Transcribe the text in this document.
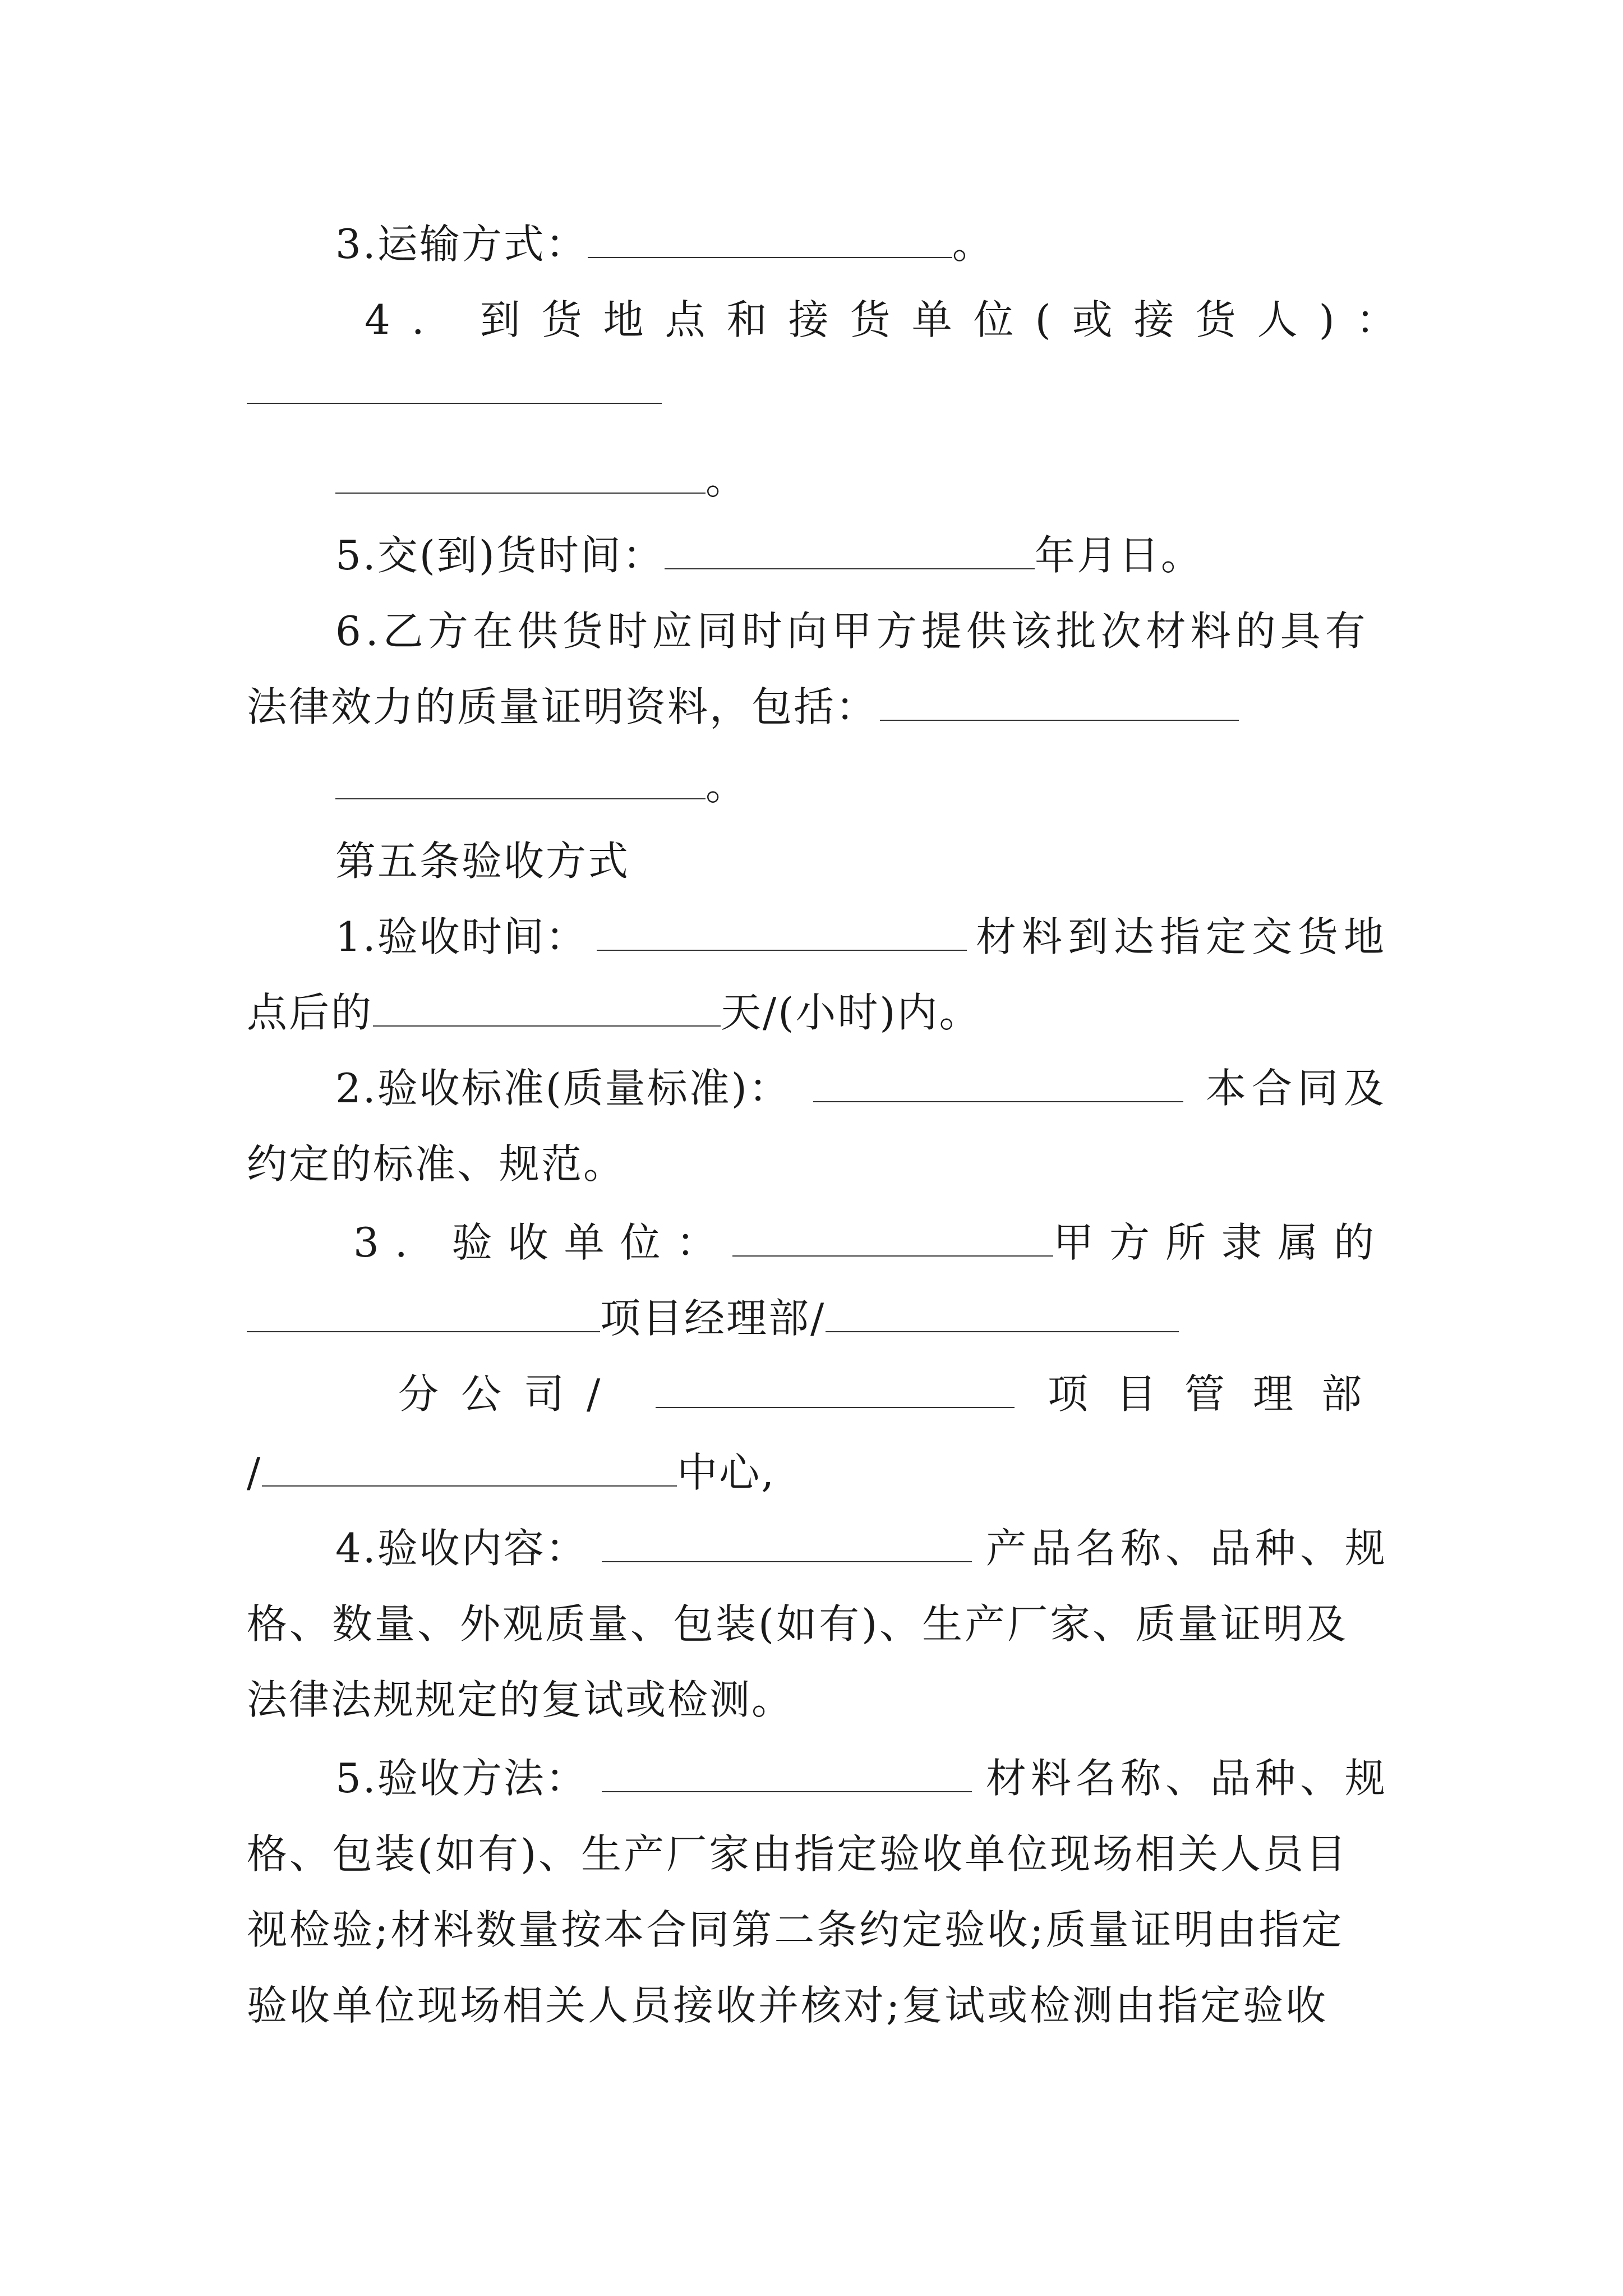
3.运输方式：	。
4. 到货地点和接货单位(或接货人)：
。
5.交(到)货时间：	年月日。
6.乙方在供货时应同时向甲方提供该批次材料的具有
法律效力的质量证明资料，包括：
。
第五条验收方式
1.验收时间：	材料到达指定交货地
点后的	天/(小时)内。
2.验收标准(质量标准)：	本合同及
约定的标准、规范。
3. 验收单位：	甲方所隶属的
项目经理部/
分公司/	项目管理部
/	中心,
4.验收内容：	产品名称、品种、规
格、数量、外观质量、包装(如有)、生产厂家、质量证明及
法律法规规定的复试或检测。
5.验收方法：	材料名称、品种、规
格、包装(如有)、生产厂家由指定验收单位现场相关人员目
视检验;材料数量按本合同第二条约定验收;质量证明由指定
验收单位现场相关人员接收并核对;复试或检测由指定验收
